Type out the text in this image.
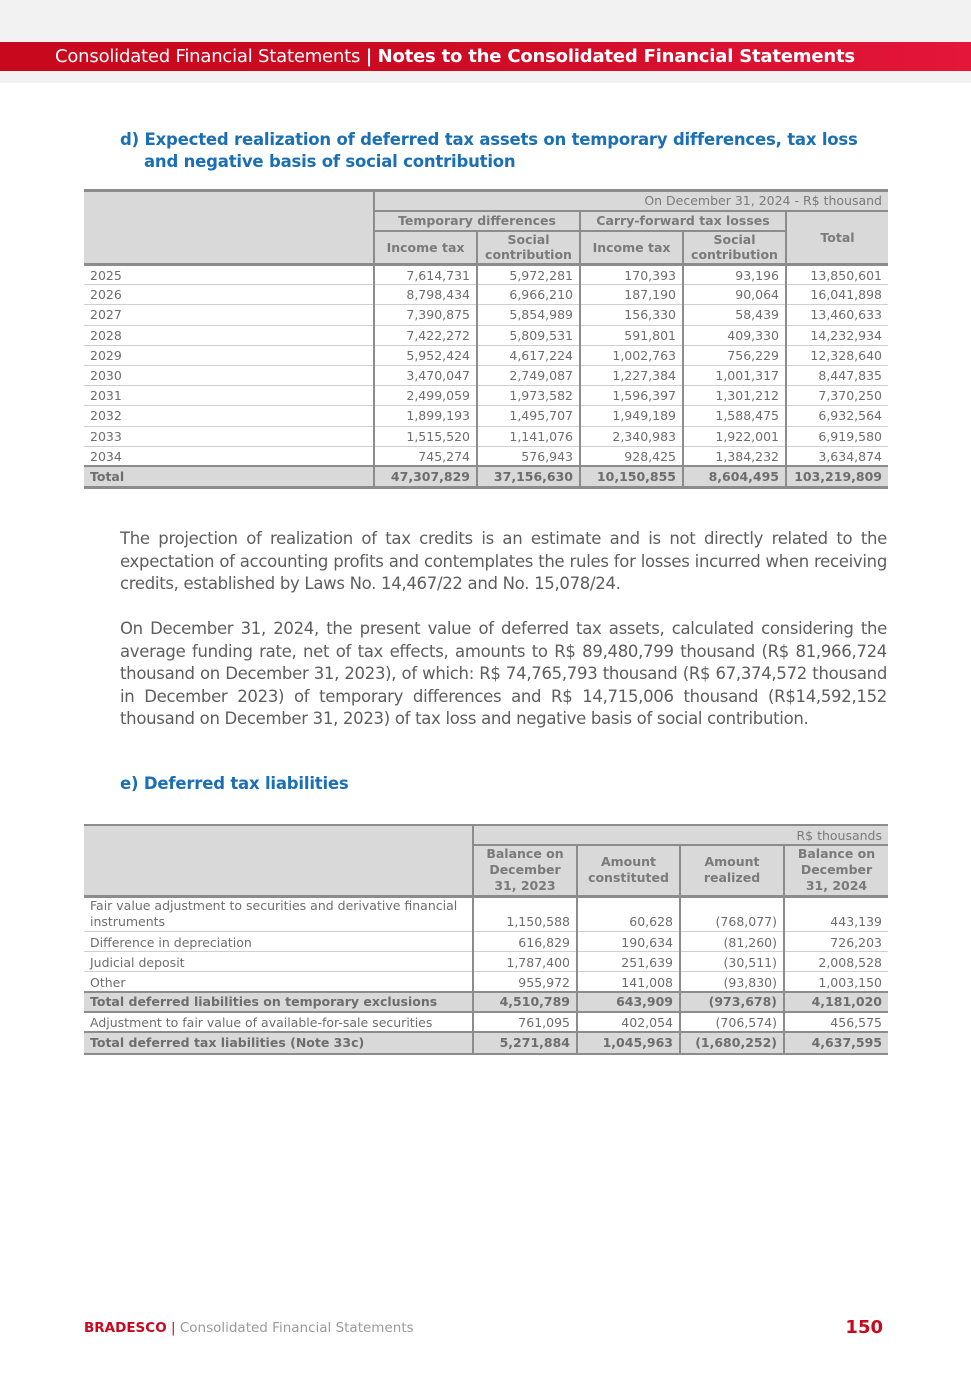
Consolidated Financial Statements | Notes to the Consolidated Financial Statements
d) Expected realization of deferred tax assets on temporary differences, tax loss
and negative basis of social contribution
	On December 31, 2024 - R$ thousand				
	Temporary differences		Carry-forward tax losses		Total
	Income tax	Social contribution	Income tax	Social contribution	
2025	7,614,731	5,972,281	170,393	93,196	13,850,601
2026	8,798,434	6,966,210	187,190	90,064	16,041,898
2027	7,390,875	5,854,989	156,330	58,439	13,460,633
2028	7,422,272	5,809,531	591,801	409,330	14,232,934
2029	5,952,424	4,617,224	1,002,763	756,229	12,328,640
2030	3,470,047	2,749,087	1,227,384	1,001,317	8,447,835
2031	2,499,059	1,973,582	1,596,397	1,301,212	7,370,250
2032	1,899,193	1,495,707	1,949,189	1,588,475	6,932,564
2033	1,515,520	1,141,076	2,340,983	1,922,001	6,919,580
2034	745,274	576,943	928,425	1,384,232	3,634,874
Total	47,307,829	37,156,630	10,150,855	8,604,495	103,219,809

The projection of realization of tax credits is an estimate and is not directly related to the expectation of accounting profits and contemplates the rules for losses incurred when receiving credits, established by Laws No. 14,467/22 and No. 15,078/24.

On December 31, 2024, the present value of deferred tax assets, calculated considering the average funding rate, net of tax effects, amounts to R$ 89,480,799 thousand (R$ 81,966,724 thousand on December 31, 2023), of which: R$ 74,765,793 thousand (R$ 67,374,572 thousand in December 2023) of temporary differences and R$ 14,715,006 thousand (R$14,592,152 thousand on December 31, 2023) of tax loss and negative basis of social contribution.

e) Deferred tax liabilities
	R$ thousands			
	Balance on December 31, 2023	Amount constituted	Amount realized	Balance on December 31, 2024
Fair value adjustment to securities and derivative financial instruments	1,150,588	60,628	(768,077)	443,139
Difference in depreciation	616,829	190,634	(81,260)	726,203
Judicial deposit	1,787,400	251,639	(30,511)	2,008,528
Other	955,972	141,008	(93,830)	1,003,150
Total deferred liabilities on temporary exclusions	4,510,789	643,909	(973,678)	4,181,020
Adjustment to fair value of available-for-sale securities	761,095	402,054	(706,574)	456,575
Total deferred tax liabilities (Note 33c)	5,271,884	1,045,963	(1,680,252)	4,637,595
BRADESCO | Consolidated Financial Statements	150
